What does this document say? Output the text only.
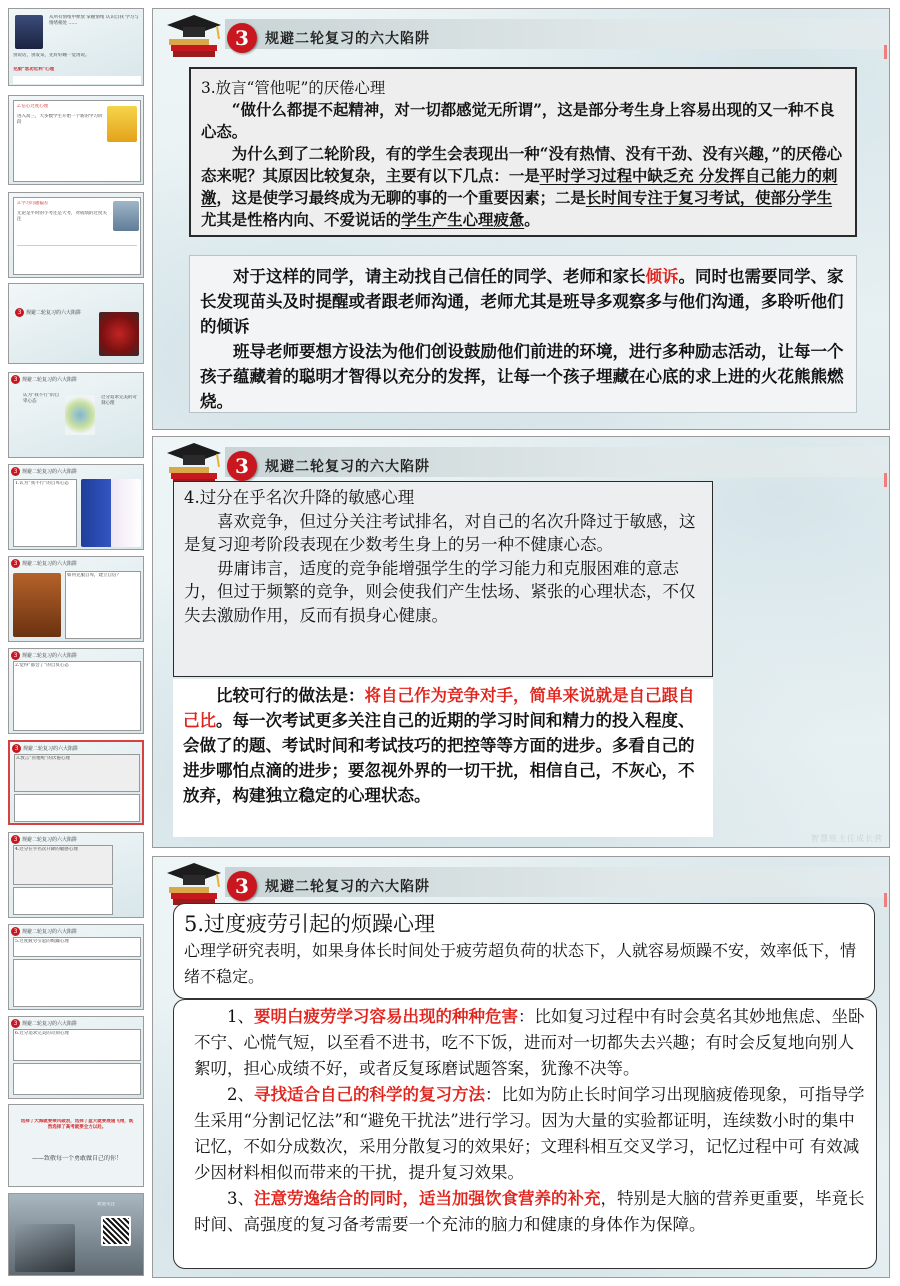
从所有情绪中释放 掌握情绪 认识自我 学习与情绪相处 ……
别说话，别发呆，先好好睡一觉再说。
克服“急功近利”心理
2.信心过度心理
进入高三，大多数学生开始一个新的学习阶段
3.学习问题偏差
无论是平时的小考还是大考，对成绩的过度关注
3 规避二轮复习的六大陷阱
3 规避二轮复习的六大陷阱
认为“我不行”的自卑心态
过分追求完美的苛刻心理
3 规避二轮复习的六大陷阱
1.认为“我不行”的自卑心态
3 规避二轮复习的六大陷阱
如何克服自卑，建立自信？
3 规避二轮复习的六大陷阱
2.觉得“都会了”的自负心态
3 规避二轮复习的六大陷阱
3.放言“管他呢”的厌倦心理
3 规避二轮复习的六大陷阱
4.过分在乎名次升降的敏感心理
3 规避二轮复习的六大陷阱
5.过度疲劳引起的烦躁心理
3 规避二轮复习的六大陷阱
6.过分追求完美的苛刻心理
选择了大海就要乘风破浪，选择了蓝天就要展翅飞翔，既然选择了高考就要全力以赴。
——致敬每一个勇敢做自己的你！
欢迎关注
3	规避二轮复习的六大陷阱
3.放言“管他呢”的厌倦心理
“做什么都提不起精神，对一切都感觉无所谓”，这是部分考生身上容易出现的又一种不良心态。
为什么到了二轮阶段，有的学生会表现出一种“没有热情、没有干劲、没有兴趣，”的厌倦心态来呢？其原因比较复杂，主要有以下几点：一是平时学习过程中缺乏充 分发挥自己能力的刺激，这是使学习最终成为无聊的事的一个重要因素；二是长时间专注于复习考试，使部分学生尤其是性格内向、不爱说话的学生产生心理疲惫。
对于这样的同学，请主动找自己信任的同学、老师和家长倾诉。同时也需要同学、家长发现苗头及时提醒或者跟老师沟通，老师尤其是班导多观察多与他们沟通，多聆听他们的倾诉
班导老师要想方设法为他们创设鼓励他们前进的环境，进行多种励志活动，让每一个孩子蕴藏着的聪明才智得以充分的发挥，让每一个孩子埋藏在心底的求上进的火花熊熊燃烧。
3	规避二轮复习的六大陷阱
4.过分在乎名次升降的敏感心理
喜欢竞争，但过分关注考试排名，对自己的名次升降过于敏感，这是复习迎考阶段表现在少数考生身上的另一种不健康心态。
毋庸讳言，适度的竞争能增强学生的学习能力和克服困难的意志力，但过于频繁的竞争，则会使我们产生怯场、紧张的心理状态，不仅失去激励作用，反而有损身心健康。
比较可行的做法是：将自己作为竞争对手，简单来说就是自己跟自己比。每一次考试更多关注自己的近期的学习时间和精力的投入程度、会做了的题、考试时间和考试技巧的把控等等方面的进步。多看自己的进步哪怕点滴的进步；要忽视外界的一切干扰，相信自己，不灰心，不放弃，构建独立稳定的心理状态。
智慧班主任成长营
3	规避二轮复习的六大陷阱
5.过度疲劳引起的烦躁心理
心理学研究表明，如果身体长时间处于疲劳超负荷的状态下，人就容易烦躁不安，效率低下，情绪不稳定。
1、要明白疲劳学习容易出现的种种危害：比如复习过程中有时会莫名其妙地焦虑、坐卧不宁、心慌气短，以至看不进书，吃不下饭，进而对一切都失去兴趣；有时会反复地向别人絮叨，担心成绩不好，或者反复琢磨试题答案，犹豫不决等。
2、寻找适合自己的科学的复习方法：比如为防止长时间学习出现脑疲倦现象，可指导学生采用“分割记忆法”和“避免干扰法”进行学习。因为大量的实验都证明，连续数小时的集中记忆，不如分成数次，采用分散复习的效果好；文理科相互交叉学习，记忆过程中可 有效减少因材料相似而带来的干扰，提升复习效果。
3、注意劳逸结合的同时，适当加强饮食营养的补充，特别是大脑的营养更重要，毕竟长时间、高强度的复习备考需要一个充沛的脑力和健康的身体作为保障。
